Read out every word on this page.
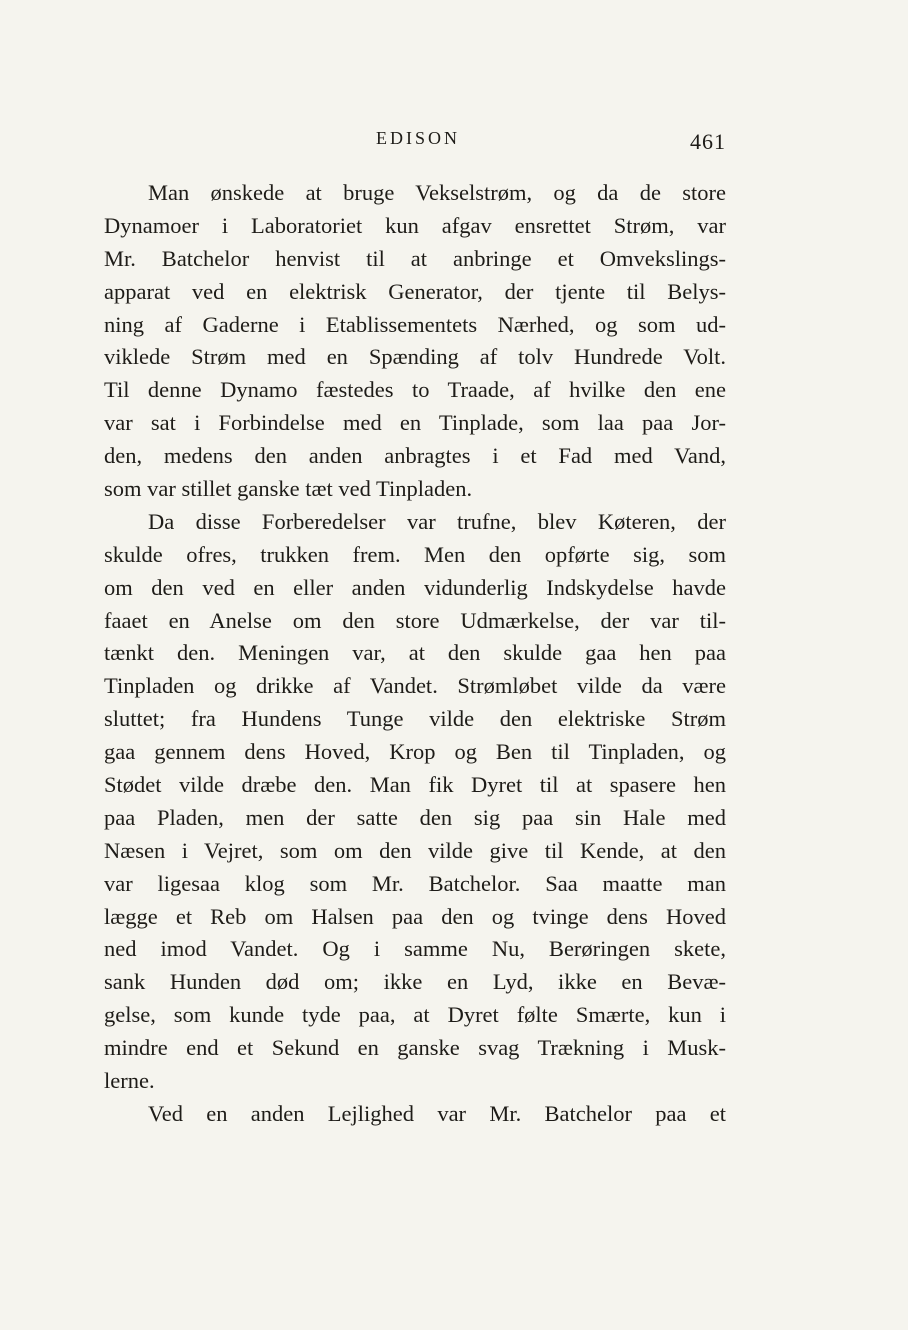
EDISON	461
Man ønskede at bruge Vekselstrøm, og da de store
Dynamoer i Laboratoriet kun afgav ensrettet Strøm, var
Mr. Batchelor henvist til at anbringe et Omvekslings-
apparat ved en elektrisk Generator, der tjente til Belys-
ning af Gaderne i Etablissementets Nærhed, og som ud-
viklede Strøm med en Spænding af tolv Hundrede Volt.
Til denne Dynamo fæstedes to Traade, af hvilke den ene
var sat i Forbindelse med en Tinplade, som laa paa Jor-
den, medens den anden anbragtes i et Fad med Vand,
som var stillet ganske tæt ved Tinpladen.
Da disse Forberedelser var trufne, blev Køteren, der
skulde ofres, trukken frem. Men den opførte sig, som
om den ved en eller anden vidunderlig Indskydelse havde
faaet en Anelse om den store Udmærkelse, der var til-
tænkt den. Meningen var, at den skulde gaa hen paa
Tinpladen og drikke af Vandet. Strømløbet vilde da være
sluttet; fra Hundens Tunge vilde den elektriske Strøm
gaa gennem dens Hoved, Krop og Ben til Tinpladen, og
Stødet vilde dræbe den. Man fik Dyret til at spasere hen
paa Pladen, men der satte den sig paa sin Hale med
Næsen i Vejret, som om den vilde give til Kende, at den
var ligesaa klog som Mr. Batchelor. Saa maatte man
lægge et Reb om Halsen paa den og tvinge dens Hoved
ned imod Vandet. Og i samme Nu, Berøringen skete,
sank Hunden død om; ikke en Lyd, ikke en Bevæ-
gelse, som kunde tyde paa, at Dyret følte Smærte, kun i
mindre end et Sekund en ganske svag Trækning i Musk-
lerne.
Ved en anden Lejlighed var Mr. Batchelor paa et
